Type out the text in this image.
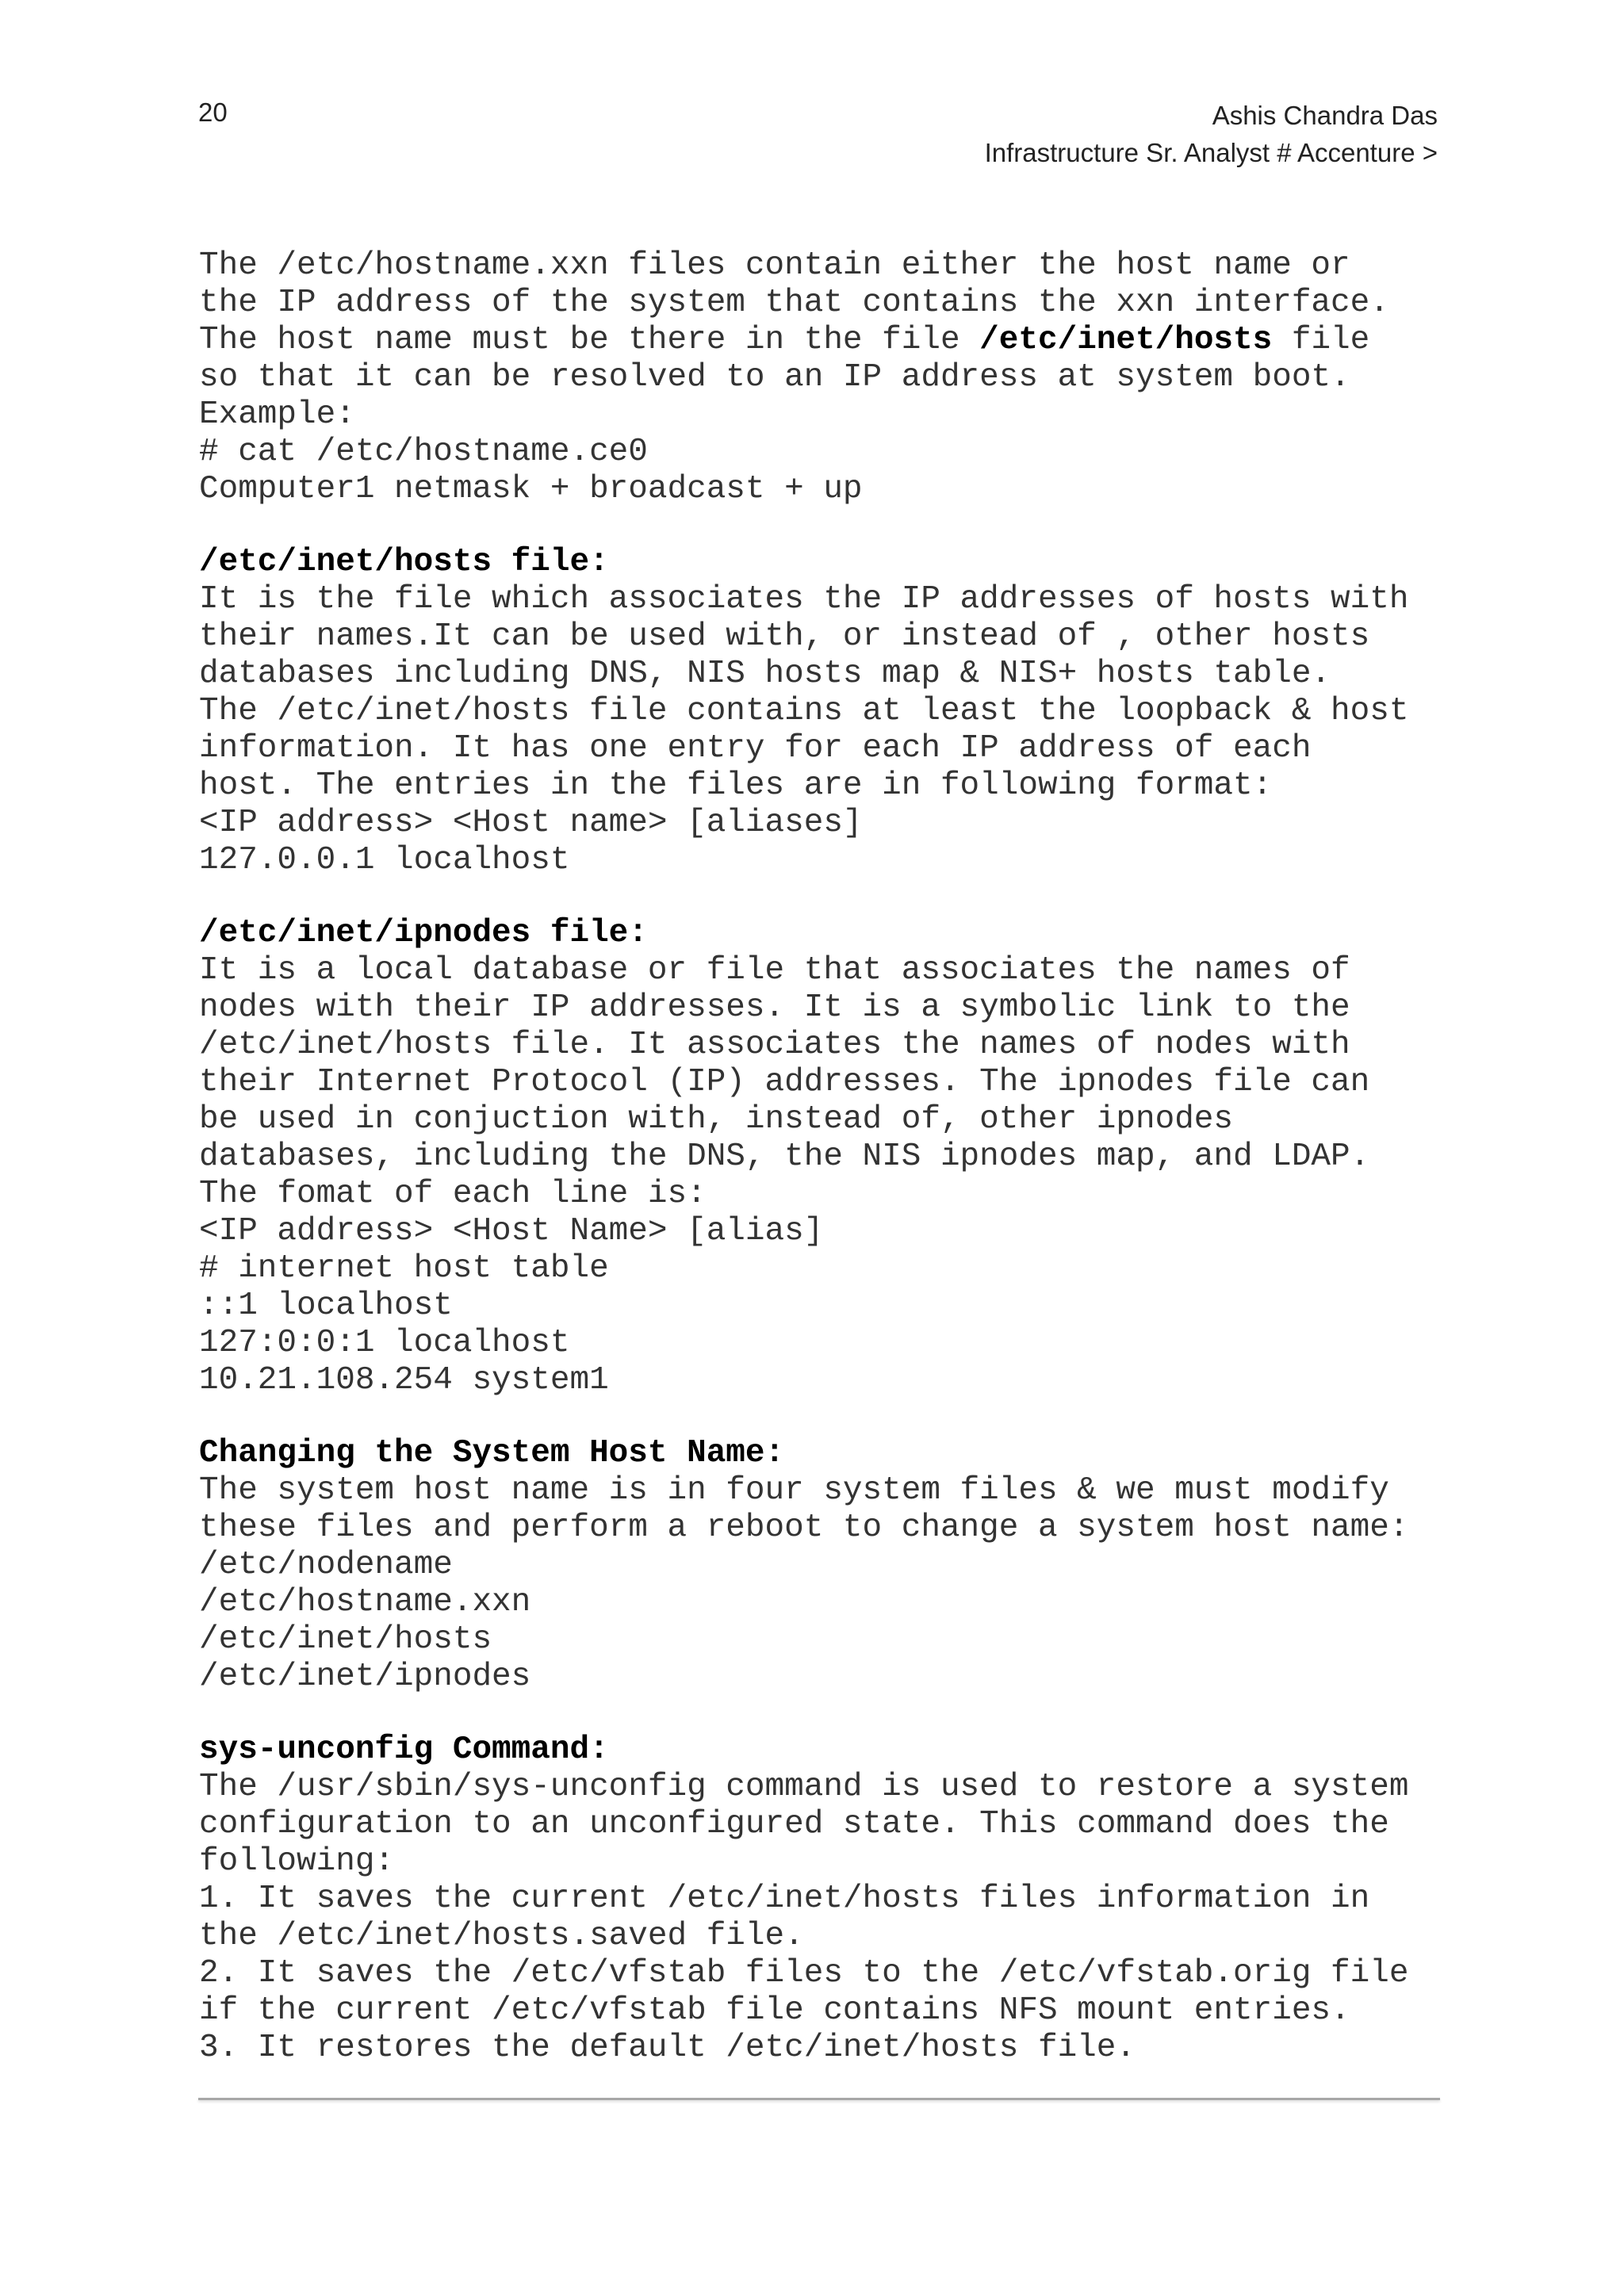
20	Ashis Chandra Das
Infrastructure Sr. Analyst # Accenture >
The /etc/hostname.xxn files contain either the host name or
the IP address of the system that contains the xxn interface.
The host name must be there in the file /etc/inet/hosts file
so that it can be resolved to an IP address at system boot.
Example:
# cat /etc/hostname.ce0
Computer1 netmask + broadcast + up
/etc/inet/hosts file:
It is the file which associates the IP addresses of hosts with
their names.It can be used with, or instead of , other hosts
databases including DNS, NIS hosts map & NIS+ hosts table.
The /etc/inet/hosts file contains at least the loopback & host
information. It has one entry for each IP address of each
host. The entries in the files are in following format:
<IP address> <Host name> [aliases]
127.0.0.1 localhost
/etc/inet/ipnodes file:
It is a local database or file that associates the names of
nodes with their IP addresses. It is a symbolic link to the
/etc/inet/hosts file. It associates the names of nodes with
their Internet Protocol (IP) addresses. The ipnodes file can
be used in conjuction with, instead of, other ipnodes
databases, including the DNS, the NIS ipnodes map, and LDAP.
The fomat of each line is:
<IP address> <Host Name> [alias]
# internet host table
::1 localhost
127:0:0:1 localhost
10.21.108.254 system1
Changing the System Host Name:
The system host name is in four system files & we must modify
these files and perform a reboot to change a system host name:
/etc/nodename
/etc/hostname.xxn
/etc/inet/hosts
/etc/inet/ipnodes
sys-unconfig Command:
The /usr/sbin/sys-unconfig command is used to restore a system
configuration to an unconfigured state. This command does the
following:
1. It saves the current /etc/inet/hosts files information in
the /etc/inet/hosts.saved file.
2. It saves the /etc/vfstab files to the /etc/vfstab.orig file
if the current /etc/vfstab file contains NFS mount entries.
3. It restores the default /etc/inet/hosts file.
